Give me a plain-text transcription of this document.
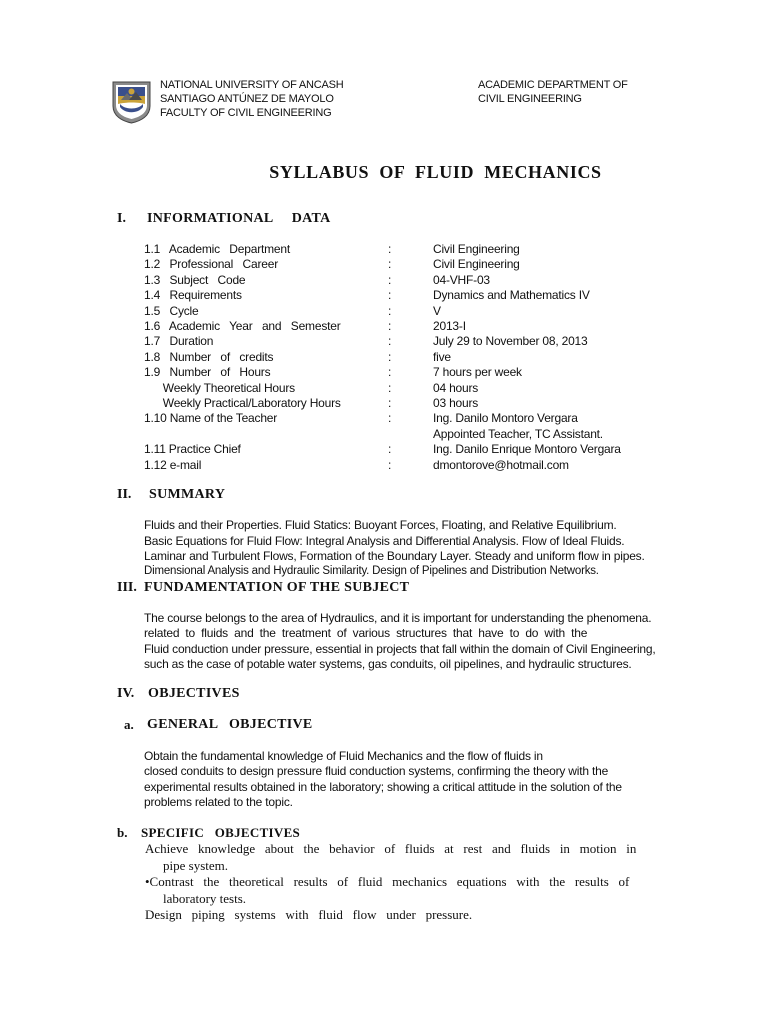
NATIONAL UNIVERSITY OF ANCASH
SANTIAGO ANTÚNEZ DE MAYOLO
FACULTY OF CIVIL ENGINEERING
ACADEMIC DEPARTMENT OF
CIVIL ENGINEERING
SYLLABUS  OF  FLUID  MECHANICS
I. INFORMATIONAL     DATA
1.1   Academic   Department	:	Civil Engineering
1.2   Professional   Career	:	Civil Engineering
1.3   Subject   Code	:	04-VHF-03
1.4   Requirements	:	Dynamics and Mathematics IV
1.5   Cycle	:	V
1.6   Academic   Year   and   Semester	:	2013-I
1.7   Duration	:	July 29 to November 08, 2013
1.8   Number   of   credits	:	five
1.9   Number   of   Hours	:	7 hours per week
Weekly Theoretical Hours	:	04 hours
Weekly Practical/Laboratory Hours	:	03 hours
1.10 Name of the Teacher	:	Ing. Danilo Montoro Vergara
Appointed Teacher, TC Assistant.
1.11 Practice Chief	:	Ing. Danilo Enrique Montoro Vergara
1.12 e-mail	:	dmontorove@hotmail.com
II. SUMMARY
Fluids and their Properties. Fluid Statics: Buoyant Forces, Floating, and Relative Equilibrium.
Basic Equations for Fluid Flow: Integral Analysis and Differential Analysis. Flow of Ideal Fluids.
Laminar and Turbulent Flows, Formation of the Boundary Layer. Steady and uniform flow in pipes.
Dimensional Analysis and Hydraulic Similarity. Design of Pipelines and Distribution Networks.
III. FUNDAMENTATION OF THE SUBJECT
The course belongs to the area of Hydraulics, and it is important for understanding the phenomena.
related to fluids and the treatment of various structures that have to do with the
Fluid conduction under pressure, essential in projects that fall within the domain of Civil Engineering,
such as the case of potable water systems, gas conduits, oil pipelines, and hydraulic structures.
IV. OBJECTIVES
a. GENERAL   OBJECTIVE
Obtain the fundamental knowledge of Fluid Mechanics and the flow of fluids in
closed conduits to design pressure fluid conduction systems, confirming the theory with the
experimental results obtained in the laboratory; showing a critical attitude in the solution of the
problems related to the topic.
b. SPECIFIC   OBJECTIVES
Achieve   knowledge   about   the   behavior   of   fluids   at   rest   and   fluids   in   motion   in
pipe system.
•Contrast   the   theoretical   results   of   fluid   mechanics   equations   with   the   results   of
laboratory tests.
Design   piping   systems   with   fluid   flow   under   pressure.
